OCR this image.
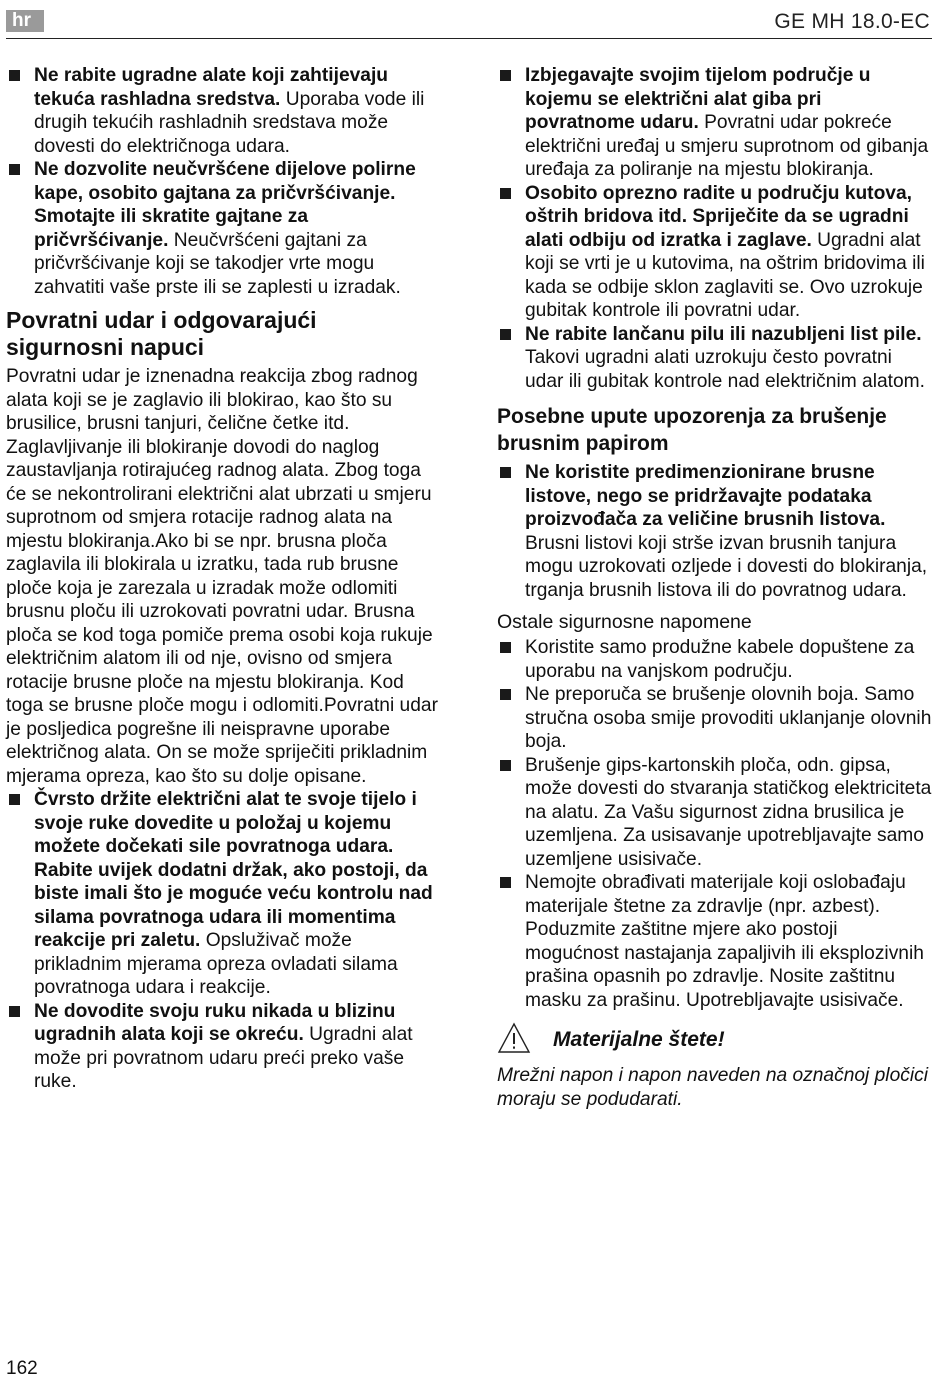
hr	GE MH 18.0-EC
Ne rabite ugradne alate koji zahtijevaju tekuća rashladna sredstva. Uporaba vode ili drugih tekućih rashladnih sredstava može dovesti do električnoga udara.
Ne dozvolite neučvršćene dijelove polirne kape, osobito gajtana za pričvršćivanje. Smotajte ili skratite gajtane za pričvršćivanje. Neučvršćeni gajtani za pričvršćivanje koji se takodjer vrte mogu zahvatiti vaše prste ili se zaplesti u izradak.
Povratni udar i odgovarajući sigurnosni napuci

Povratni udar je iznenadna reakcija zbog radnog alata koji se je zaglavio ili blokirao, kao što su brusilice, brusni tanjuri, čelične četke itd. Zaglavljivanje ili blokiranje dovodi do naglog zaustavljanja rotirajućeg radnog alata. Zbog toga će se nekontrolirani električni alat ubrzati u smjeru suprotnom od smjera rotacije radnog alata na mjestu blokiranja.Ako bi se npr. brusna ploča zaglavila ili blokirala u izratku, tada rub brusne ploče koja je zarezala u izradak može odlomiti brusnu ploču ili uzrokovati povratni udar. Brusna ploča se kod toga pomiče prema osobi koja rukuje električnim alatom ili od nje, ovisno od smjera rotacije brusne ploče na mjestu blokiranja. Kod toga se brusne ploče mogu i odlomiti.Povratni udar je posljedica pogrešne ili neispravne uporabe električnog alata. On se može spriječiti prikladnim mjerama opreza, kao što su dolje opisane.

Čvrsto držite električni alat te svoje tijelo i svoje ruke dovedite u položaj u kojemu možete dočekati sile povratnoga udara. Rabite uvijek dodatni držak, ako postoji, da biste imali što je moguće veću kontrolu nad silama povratnoga udara ili momentima reakcije pri zaletu. Opsluživač može prikladnim mjerama opreza ovladati silama povratnoga udara i reakcije.
Ne dovodite svoju ruku nikada u blizinu ugradnih alata koji se okreću. Ugradni alat može pri povratnom udaru preći preko vaše ruke.
Izbjegavajte svojim tijelom područje u kojemu se električni alat giba pri povratnome udaru. Povratni udar pokreće električni uređaj u smjeru suprotnom od gibanja uređaja za poliranje na mjestu blokiranja.
Osobito oprezno radite u području kutova, oštrih bridova itd. Spriječite da se ugradni alati odbiju od izratka i zaglave. Ugradni alat koji se vrti je u kutovima, na oštrim bridovima ili kada se odbije sklon zaglaviti se. Ovo uzrokuje gubitak kontrole ili povratni udar.
Ne rabite lančanu pilu ili nazubljeni list pile. Takovi ugradni alati uzrokuju često povratni udar ili gubitak kontrole nad električnim alatom.
Posebne upute upozorenja za brušenje brusnim papirom
Ne koristite predimenzionirane brusne listove, nego se pridržavajte podataka proizvođača za veličine brusnih listova. Brusni listovi koji strše izvan brusnih tanjura mogu uzrokovati ozljede i dovesti do blokiranja, trganja brusnih listova ili do povratnog udara.
Ostale sigurnosne napomene
Koristite samo produžne kabele dopuštene za uporabu na vanjskom području.
Ne preporuča se brušenje olovnih boja. Samo stručna osoba smije provoditi uklanjanje olovnih boja.
Brušenje gips-kartonskih ploča, odn. gipsa, može dovesti do stvaranja statičkog elektriciteta na alatu. Za Vašu sigurnost zidna brusilica je uzemljena. Za usisavanje upotrebljavajte samo uzemljene usisivače.
Nemojte obrađivati materijale koji oslobađaju materijale štetne za zdravlje (npr. azbest). Poduzmite zaštitne mjere ako postoji mogućnost nastajanja zapaljivih ili eksplozivnih prašina opasnih po zdravlje. Nosite zaštitnu masku za prašinu. Upotrebljavajte usisivače.
Materijalne štete!

Mrežni napon i napon naveden na označnoj pločici moraju se podudarati.

162
